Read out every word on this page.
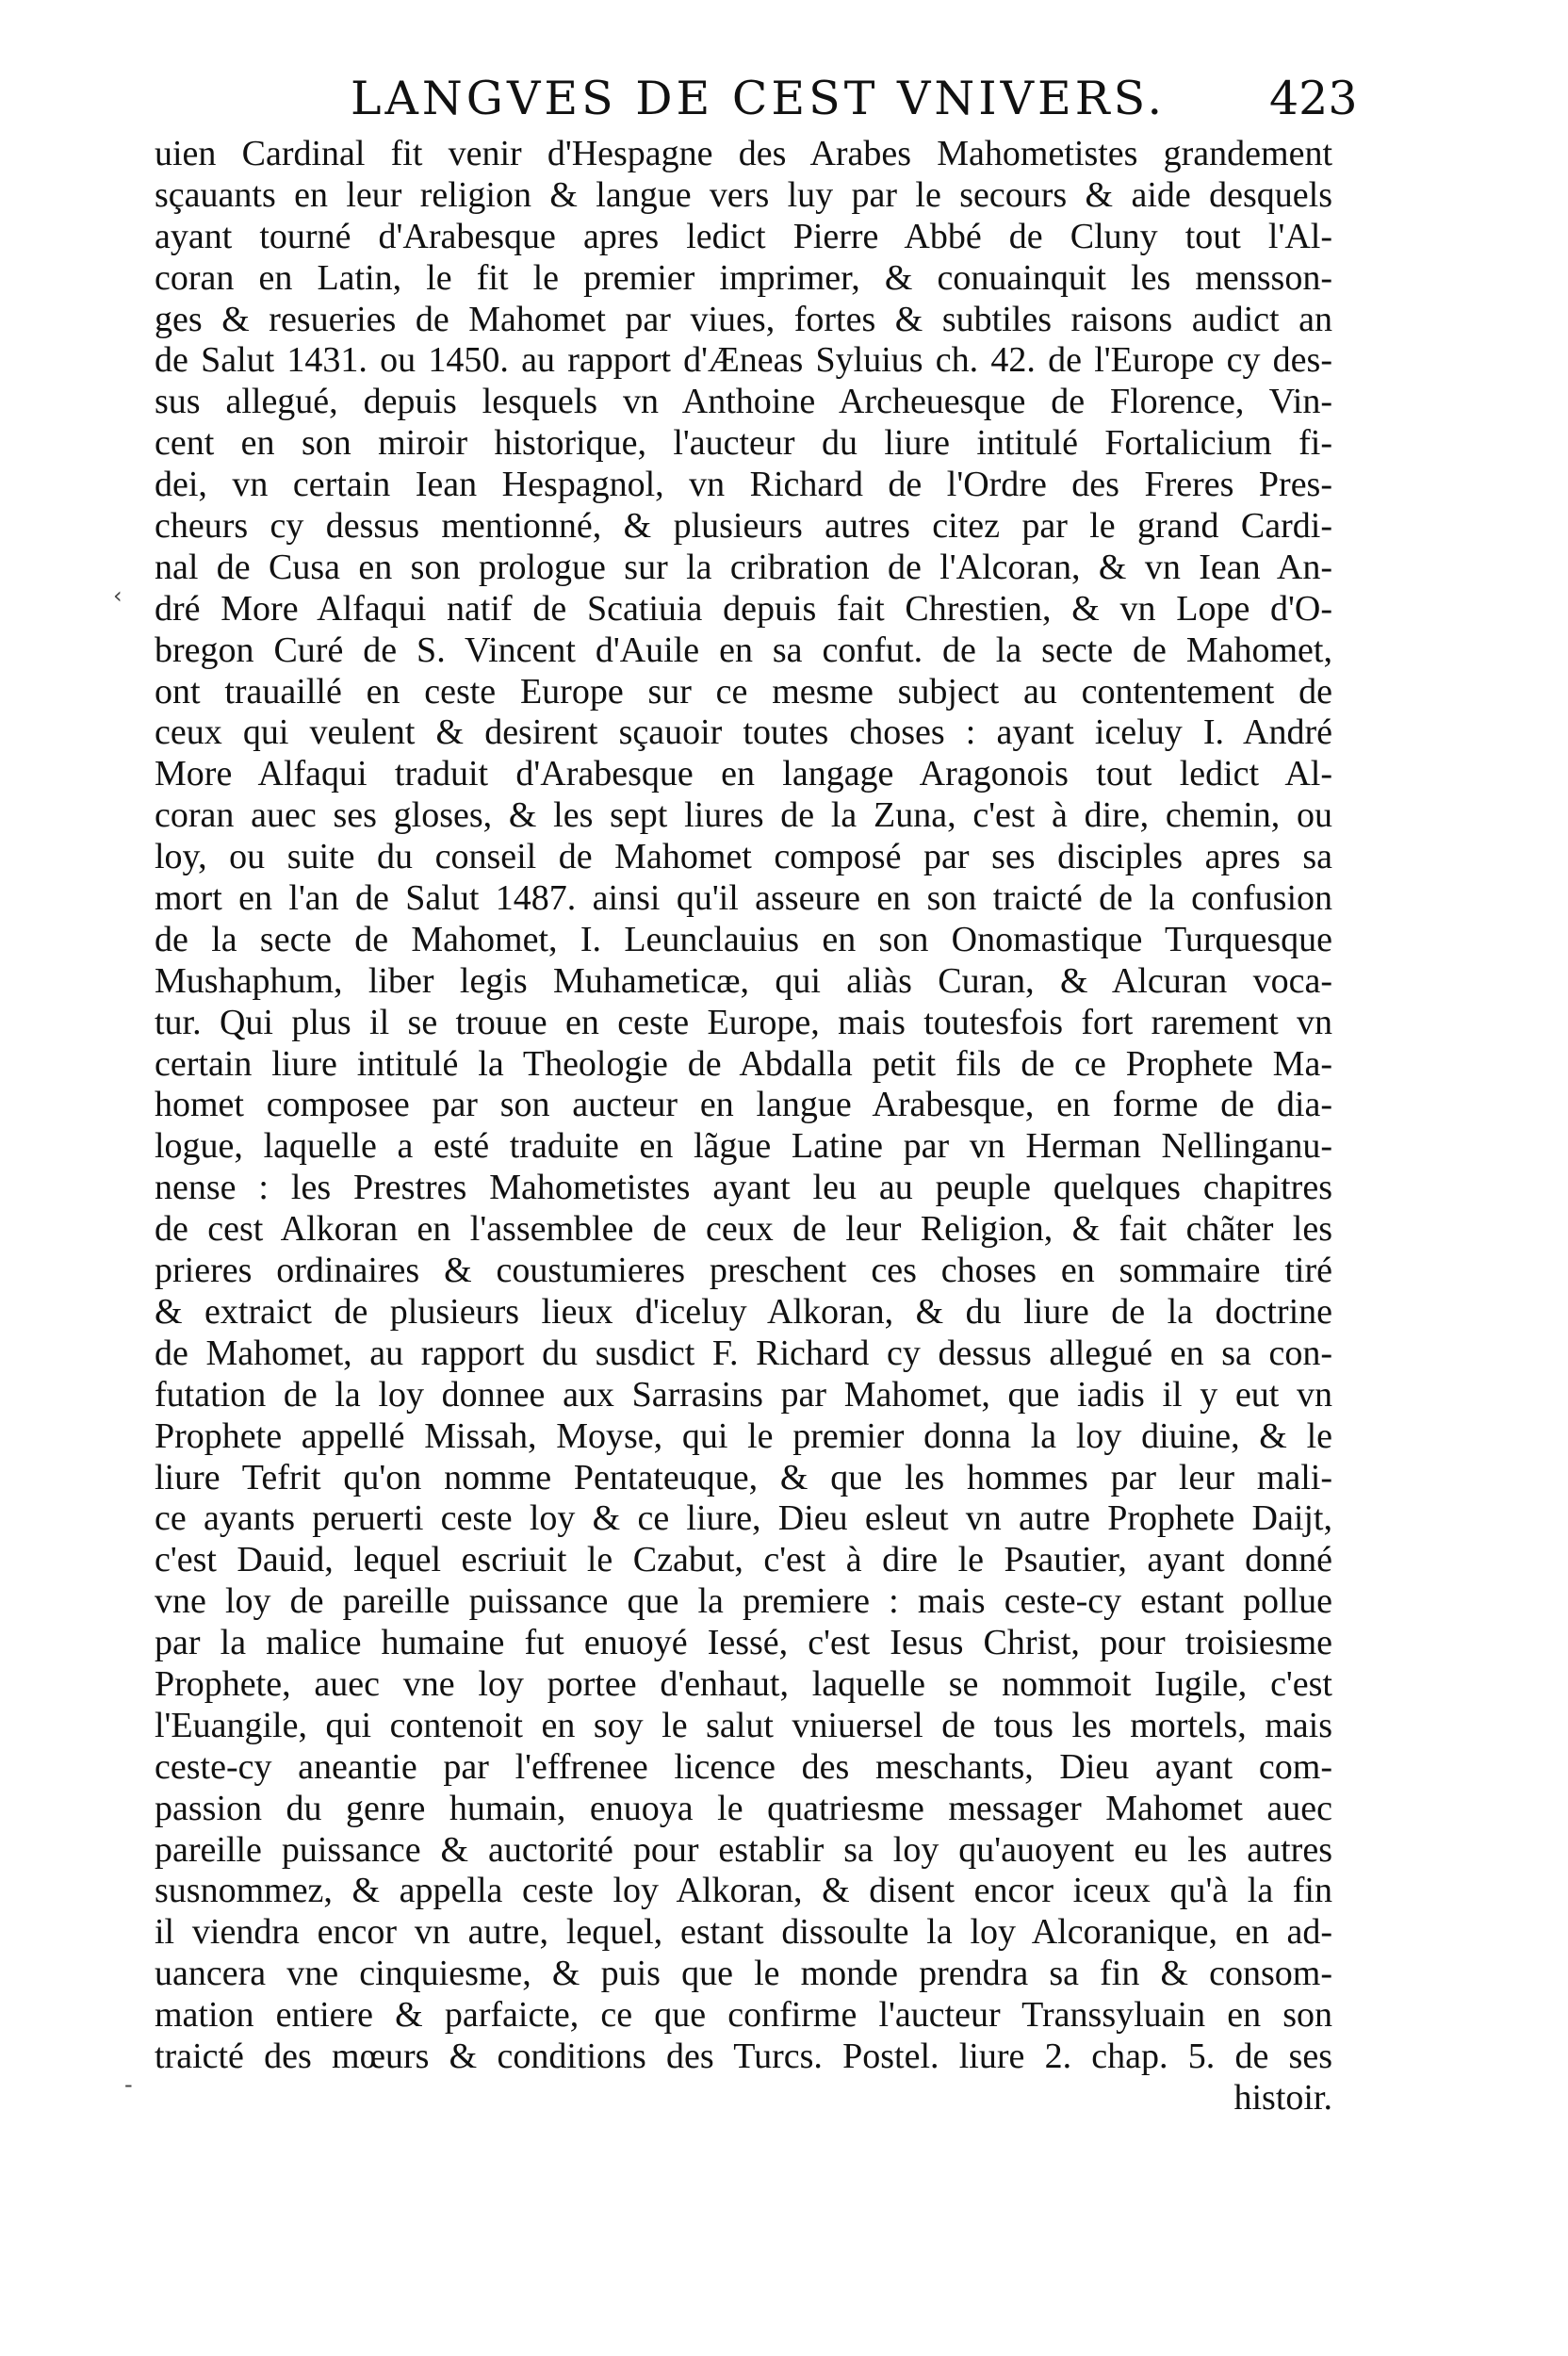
LANGVES DE CEST VNIVERS. 423
uien Cardinal fit venir d'Hespagne des Arabes Mahometistes grandement
sçauants en leur religion & langue vers luy par le secours & aide desquels
ayant tourné d'Arabesque apres ledict Pierre Abbé de Cluny tout l'Al-
coran en Latin, le fit le premier imprimer, & conuainquit les mensson-
ges & resueries de Mahomet par viues, fortes & subtiles raisons audict an
de Salut 1431. ou 1450. au rapport d'Æneas Syluius ch. 42. de l'Europe cy des-
sus allegué, depuis lesquels vn Anthoine Archeuesque de Florence, Vin-
cent en son miroir historique, l'aucteur du liure intitulé Fortalicium fi-
dei, vn certain Iean Hespagnol, vn Richard de l'Ordre des Freres Pres-
cheurs cy dessus mentionné, & plusieurs autres citez par le grand Cardi-
nal de Cusa en son prologue sur la cribration de l'Alcoran, & vn Iean An-
dré More Alfaqui natif de Scatiuia depuis fait Chrestien, & vn Lope d'O-
bregon Curé de S. Vincent d'Auile en sa confut. de la secte de Mahomet,
ont trauaillé en ceste Europe sur ce mesme subject au contentement de
ceux qui veulent & desirent sçauoir toutes choses : ayant iceluy I. André
More Alfaqui traduit d'Arabesque en langage Aragonois tout ledict Al-
coran auec ses gloses, & les sept liures de la Zuna, c'est à dire, chemin, ou
loy, ou suite du conseil de Mahomet composé par ses disciples apres sa
mort en l'an de Salut 1487. ainsi qu'il asseure en son traicté de la confusion
de la secte de Mahomet, I. Leunclauius en son Onomastique Turquesque
Mushaphum, liber legis Muhameticæ, qui aliàs Curan, & Alcuran voca-
tur. Qui plus il se trouue en ceste Europe, mais toutesfois fort rarement vn
certain liure intitulé la Theologie de Abdalla petit fils de ce Prophete Ma-
homet composee par son aucteur en langue Arabesque, en forme de dia-
logue, laquelle a esté traduite en lãgue Latine par vn Herman Nellinganu-
nense : les Prestres Mahometistes ayant leu au peuple quelques chapitres
de cest Alkoran en l'assemblee de ceux de leur Religion, & fait chãter les
prieres ordinaires & coustumieres preschent ces choses en sommaire tiré
& extraict de plusieurs lieux d'iceluy Alkoran, & du liure de la doctrine
de Mahomet, au rapport du susdict F. Richard cy dessus allegué en sa con-
futation de la loy donnee aux Sarrasins par Mahomet, que iadis il y eut vn
Prophete appellé Missah, Moyse, qui le premier donna la loy diuine, & le
liure Tefrit qu'on nomme Pentateuque, & que les hommes par leur mali-
ce ayants peruerti ceste loy & ce liure, Dieu esleut vn autre Prophete Daijt,
c'est Dauid, lequel escriuit le Czabut, c'est à dire le Psautier, ayant donné
vne loy de pareille puissance que la premiere : mais ceste-cy estant pollue
par la malice humaine fut enuoyé Iessé, c'est Iesus Christ, pour troisiesme
Prophete, auec vne loy portee d'enhaut, laquelle se nommoit Iugile, c'est
l'Euangile, qui contenoit en soy le salut vniuersel de tous les mortels, mais
ceste-cy aneantie par l'effrenee licence des meschants, Dieu ayant com-
passion du genre humain, enuoya le quatriesme messager Mahomet auec
pareille puissance & auctorité pour establir sa loy qu'auoyent eu les autres
susnommez, & appella ceste loy Alkoran, & disent encor iceux qu'à la fin
il viendra encor vn autre, lequel, estant dissoulte la loy Alcoranique, en ad-
uancera vne cinquiesme, & puis que le monde prendra sa fin & consom-
mation entiere & parfaicte, ce que confirme l'aucteur Transsyluain en son
traicté des mœurs & conditions des Turcs. Postel. liure 2. chap. 5. de ses
histoir.
‹
-
